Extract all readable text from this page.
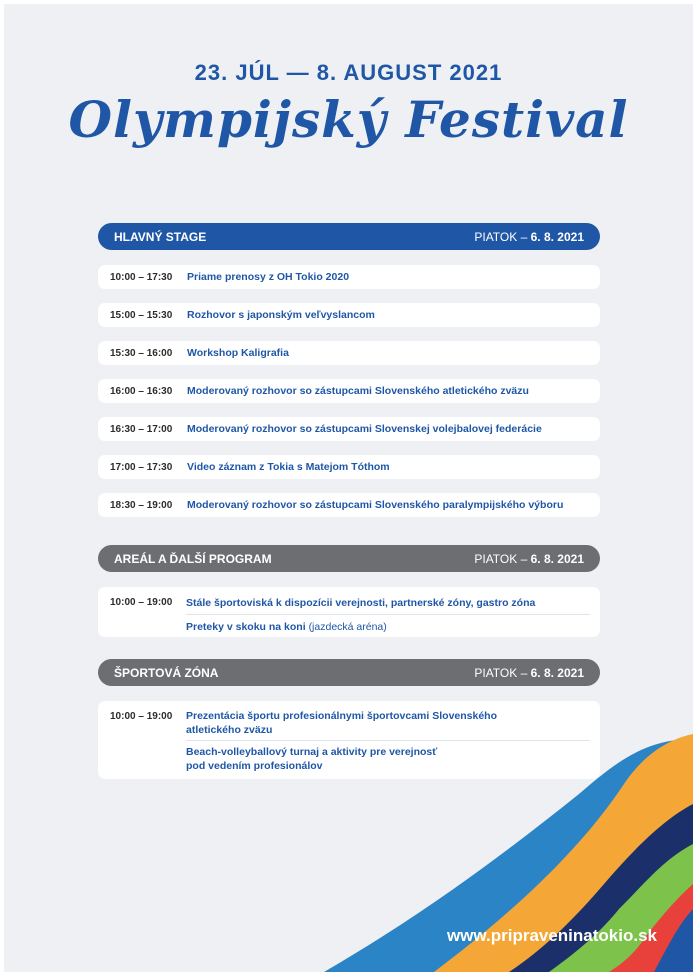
23. JÚL — 8. AUGUST 2021
Olympijský Festival
HLAVNÝ STAGE	PIATOK – 6. 8. 2021
10:00 – 17:30	Priame prenosy z OH Tokio 2020
15:00 – 15:30	Rozhovor s japonským veľvyslancom
15:30 – 16:00	Workshop Kaligrafia
16:00 – 16:30	Moderovaný rozhovor so zástupcami Slovenského atletického zväzu
16:30 – 17:00	Moderovaný rozhovor so zástupcami Slovenskej volejbalovej federácie
17:00 – 17:30	Video záznam z Tokia s Matejom Tóthom
18:30 – 19:00	Moderovaný rozhovor so zástupcami Slovenského paralympijského výboru
AREÁL A ĎALŠÍ PROGRAM	PIATOK – 6. 8. 2021
10:00 – 19:00 Stále športoviská k dispozícii verejnosti, partnerské zóny, gastro zóna
Preteky v skoku na koni (jazdecká aréna)
ŠPORTOVÁ ZÓNA	PIATOK – 6. 8. 2021
10:00 – 19:00 Prezentácia športu profesionálnymi športovcami Slovenského
atletického zväzu
Beach-volleyballový turnaj a aktivity pre verejnosť
pod vedením profesionálov
www.pripraveninatokio.sk
